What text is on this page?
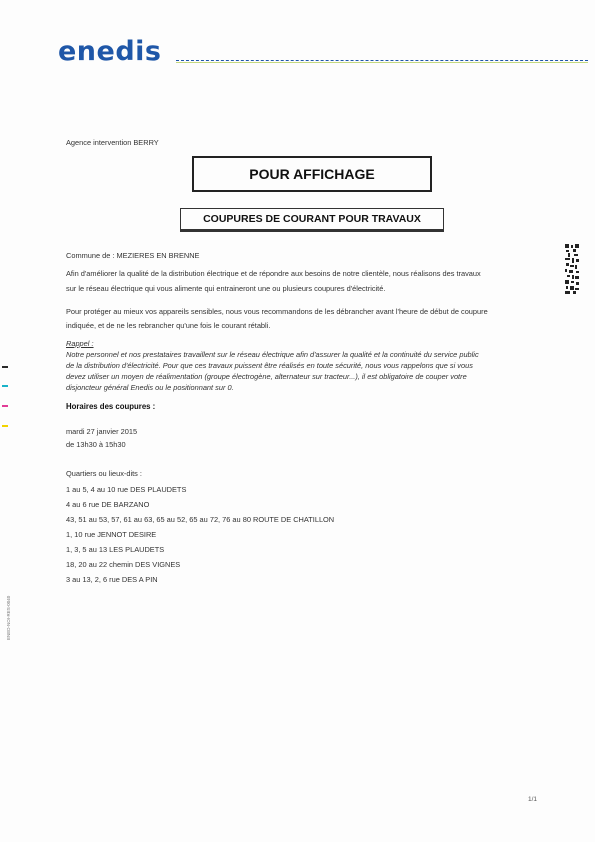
enedis
Agence intervention BERRY
POUR AFFICHAGE
COUPURES DE COURANT POUR TRAVAUX
Commune de : MEZIERES EN BRENNE
Afin d'améliorer la qualité de la distribution électrique et de répondre aux besoins de notre clientèle, nous réalisons des travaux
sur le réseau électrique qui vous alimente qui entraineront une ou plusieurs coupures d'électricité.
Pour protéger au mieux vos appareils sensibles, nous vous recommandons de les débrancher avant l'heure de début de coupure
indiquée, et de ne les rebrancher qu'une fois le courant rétabli.
Rappel :
Notre personnel et nos prestataires travaillent sur le réseau électrique afin d'assurer la qualité et la continuité du service public
de la distribution d'électricité. Pour que ces travaux puissent être réalisés en toute sécurité, nous vous rappelons que si vous
devez utiliser un moyen de réalimentation (groupe électrogène, alternateur sur tracteur...), il est obligatoire de couper votre
disjoncteur général Enedis ou le positionnant sur 0.
Horaires des coupures :
mardi 27 janvier 2015
de 13h30 à 15h30
Quartiers ou lieux-dits :
1 au 5, 4 au 10 rue DES PLAUDETS
4 au 6 rue DE BARZANO
43, 51 au 53, 57, 61 au 63, 65 au 52, 65 au 72, 76 au 80 ROUTE DE CHATILLON
1, 10 rue JENNOT DESIRE
1, 3, 5 au 13 LES PLAUDETS
18, 20 au 22 chemin DES VIGNES
3 au 13, 2, 6 rue DES A PIN
ENED-NOI-RES-0040
1/1
